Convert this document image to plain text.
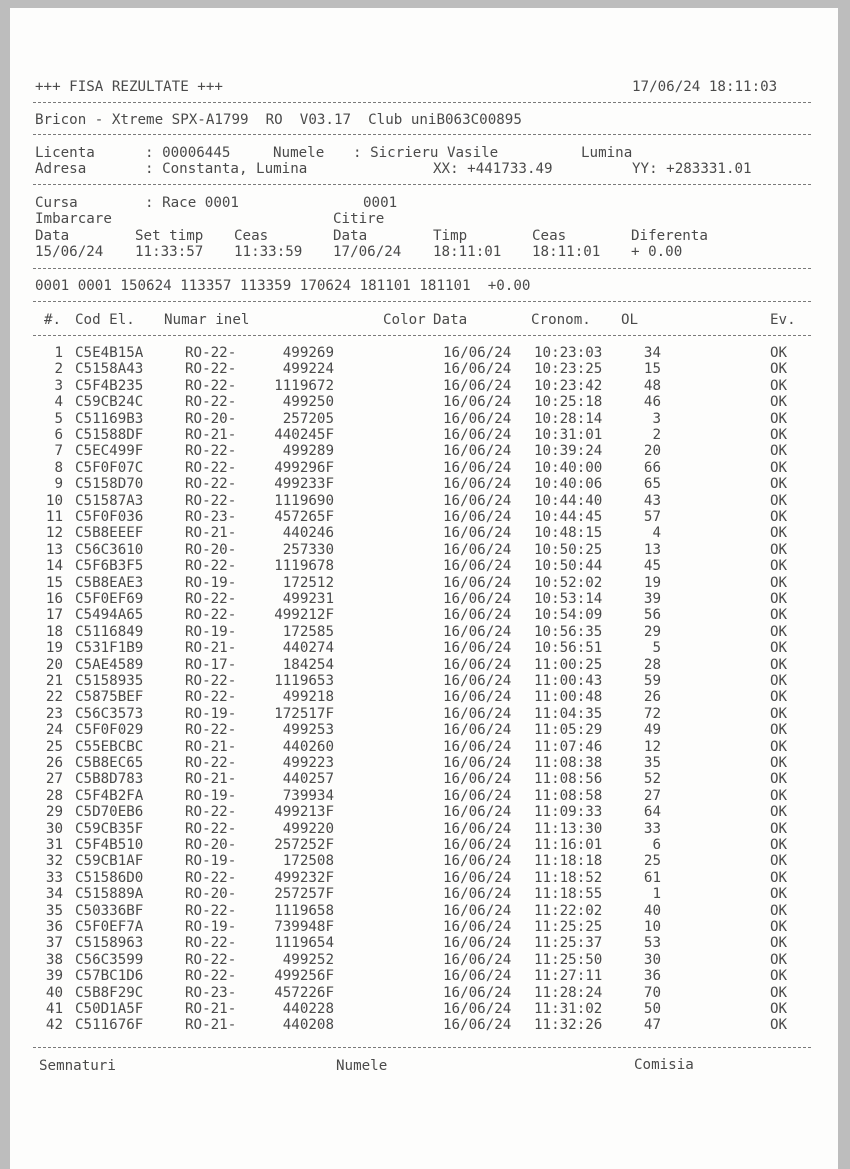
+++ FISA REZULTATE +++	17/06/24 18:11:03
Bricon - Xtreme SPX-A1799  RO  V03.17  Club uniB063C00895
Licenta	: 00006445	Numele : Sicrieru Vasile	Lumina
Adresa	: Constanta, Lumina	XX: +441733.49	YY: +283331.01
Cursa	: Race 0001	0001
Imbarcare	Citire
Data	Set timp Ceas	Data	Timp	Ceas	Diferenta
15/06/24 11:33:57 11:33:59 17/06/24 18:11:01 18:11:01 + 0.00
0001 0001 150624 113357 113359 170624 181101 181101  +0.00
#. Cod El. Numar inel	Color Data	Cronom. OL	Ev.
1 C5E4B15A	RO-22-	499269	16/06/24 10:23:03	34	OK
2 C5158A43	RO-22-	499224	16/06/24 10:23:25	15	OK
3 C5F4B235	RO-22-	1119672	16/06/24 10:23:42	48	OK
4 C59CB24C	RO-22-	499250	16/06/24 10:25:18	46	OK
5 C51169B3	RO-20-	257205	16/06/24 10:28:14	3	OK
6 C51588DF	RO-21-	440245F	16/06/24 10:31:01	2	OK
7 C5EC499F	RO-22-	499289	16/06/24 10:39:24	20	OK
8 C5F0F07C	RO-22-	499296F	16/06/24 10:40:00	66	OK
9 C5158D70	RO-22-	499233F	16/06/24 10:40:06	65	OK
10 C51587A3	RO-22-	1119690	16/06/24 10:44:40	43	OK
11 C5F0F036	RO-23-	457265F	16/06/24 10:44:45	57	OK
12 C5B8EEEF	RO-21-	440246	16/06/24 10:48:15	4	OK
13 C56C3610	RO-20-	257330	16/06/24 10:50:25	13	OK
14 C5F6B3F5	RO-22-	1119678	16/06/24 10:50:44	45	OK
15 C5B8EAE3	RO-19-	172512	16/06/24 10:52:02	19	OK
16 C5F0EF69	RO-22-	499231	16/06/24 10:53:14	39	OK
17 C5494A65	RO-22-	499212F	16/06/24 10:54:09	56	OK
18 C5116849	RO-19-	172585	16/06/24 10:56:35	29	OK
19 C531F1B9	RO-21-	440274	16/06/24 10:56:51	5	OK
20 C5AE4589	RO-17-	184254	16/06/24 11:00:25	28	OK
21 C5158935	RO-22-	1119653	16/06/24 11:00:43	59	OK
22 C5875BEF	RO-22-	499218	16/06/24 11:00:48	26	OK
23 C56C3573	RO-19-	172517F	16/06/24 11:04:35	72	OK
24 C5F0F029	RO-22-	499253	16/06/24 11:05:29	49	OK
25 C55EBCBC	RO-21-	440260	16/06/24 11:07:46	12	OK
26 C5B8EC65	RO-22-	499223	16/06/24 11:08:38	35	OK
27 C5B8D783	RO-21-	440257	16/06/24 11:08:56	52	OK
28 C5F4B2FA	RO-19-	739934	16/06/24 11:08:58	27	OK
29 C5D70EB6	RO-22-	499213F	16/06/24 11:09:33	64	OK
30 C59CB35F	RO-22-	499220	16/06/24 11:13:30	33	OK
31 C5F4B510	RO-20-	257252F	16/06/24 11:16:01	6	OK
32 C59CB1AF	RO-19-	172508	16/06/24 11:18:18	25	OK
33 C51586D0	RO-22-	499232F	16/06/24 11:18:52	61	OK
34 C515889A	RO-20-	257257F	16/06/24 11:18:55	1	OK
35 C50336BF	RO-22-	1119658	16/06/24 11:22:02	40	OK
36 C5F0EF7A	RO-19-	739948F	16/06/24 11:25:25	10	OK
37 C5158963	RO-22-	1119654	16/06/24 11:25:37	53	OK
38 C56C3599	RO-22-	499252	16/06/24 11:25:50	30	OK
39 C57BC1D6	RO-22-	499256F	16/06/24 11:27:11	36	OK
40 C5B8F29C	RO-23-	457226F	16/06/24 11:28:24	70	OK
41 C50D1A5F	RO-21-	440228	16/06/24 11:31:02	50	OK
42 C511676F	RO-21-	440208	16/06/24 11:32:26	47	OK
Semnaturi	Numele	Comisia
